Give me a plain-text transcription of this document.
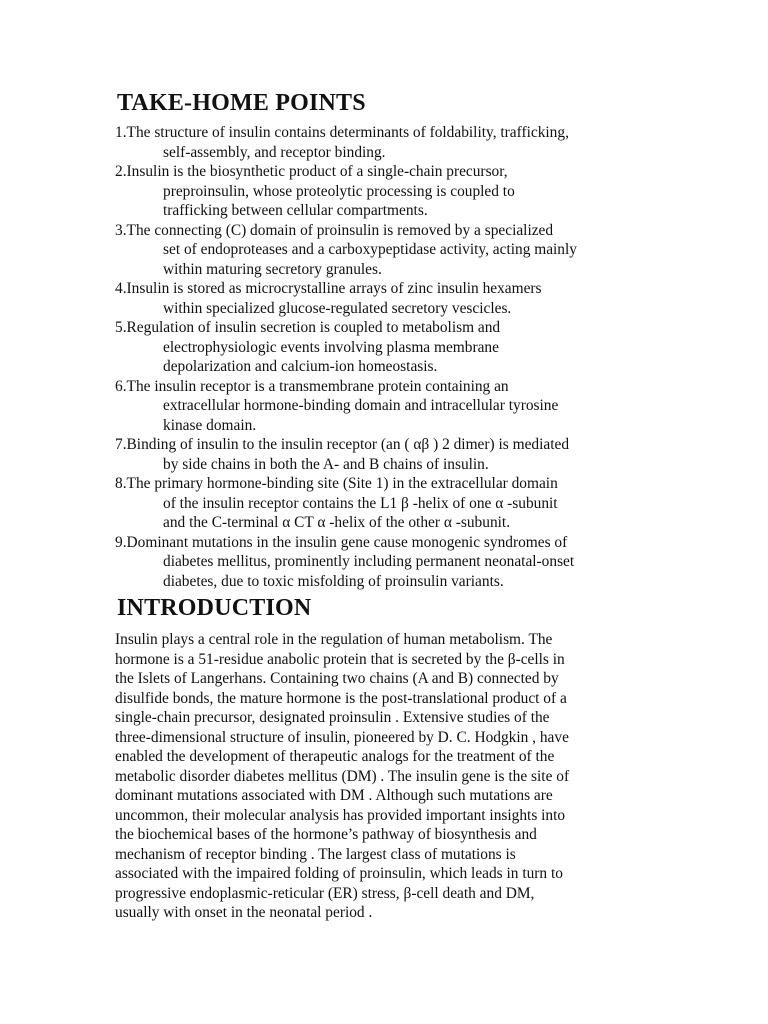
TAKE-HOME POINTS
1.The structure of insulin contains determinants of foldability, trafficking,
self-assembly, and receptor binding.
2.Insulin is the biosynthetic product of a single-chain precursor,
preproinsulin, whose proteolytic processing is coupled to
trafficking between cellular compartments.
3.The connecting (C) domain of proinsulin is removed by a specialized
set of endoproteases and a carboxypeptidase activity, acting mainly
within maturing secretory granules.
4.Insulin is stored as microcrystalline arrays of zinc insulin hexamers
within specialized glucose-regulated secretory vescicles.
5.Regulation of insulin secretion is coupled to metabolism and
electrophysiologic events involving plasma membrane
depolarization and calcium-ion homeostasis.
6.The insulin receptor is a transmembrane protein containing an
extracellular hormone-binding domain and intracellular tyrosine
kinase domain.
7.Binding of insulin to the insulin receptor (an ( αβ ) 2 dimer) is mediated
by side chains in both the A- and B chains of insulin.
8.The primary hormone-binding site (Site 1) in the extracellular domain
of the insulin receptor contains the L1 β -helix of one α -subunit
and the C-terminal α CT α -helix of the other α -subunit.
9.Dominant mutations in the insulin gene cause monogenic syndromes of
diabetes mellitus, prominently including permanent neonatal-onset
diabetes, due to toxic misfolding of proinsulin variants.
INTRODUCTION
Insulin plays a central role in the regulation of human metabolism. The
hormone is a 51-residue anabolic protein that is secreted by the β-cells in
the Islets of Langerhans. Containing two chains (A and B) connected by
disulfide bonds, the mature hormone is the post-translational product of a
single-chain precursor, designated proinsulin . Extensive studies of the
three-dimensional structure of insulin, pioneered by D. C. Hodgkin , have
enabled the development of therapeutic analogs for the treatment of the
metabolic disorder diabetes mellitus (DM) . The insulin gene is the site of
dominant mutations associated with DM . Although such mutations are
uncommon, their molecular analysis has provided important insights into
the biochemical bases of the hormone’s pathway of biosynthesis and
mechanism of receptor binding . The largest class of mutations is
associated with the impaired folding of proinsulin, which leads in turn to
progressive endoplasmic-reticular (ER) stress, β-cell death and DM,
usually with onset in the neonatal period .
